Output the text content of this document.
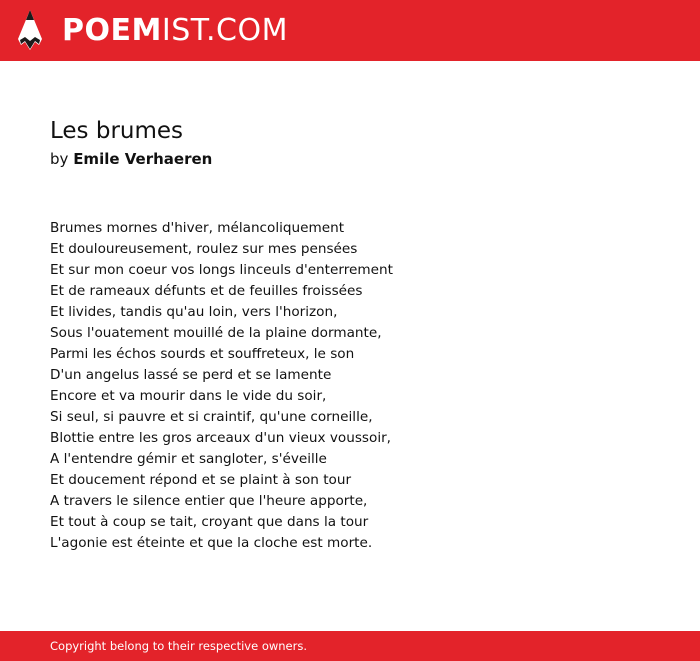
POEMIST.COM
Les brumes
by Emile Verhaeren
Brumes mornes d'hiver, mélancoliquement
Et douloureusement, roulez sur mes pensées
Et sur mon coeur vos longs linceuls d'enterrement
Et de rameaux défunts et de feuilles froissées
Et livides, tandis qu'au loin, vers l'horizon,
Sous l'ouatement mouillé de la plaine dormante,
Parmi les échos sourds et souffreteux, le son
D'un angelus lassé se perd et se lamente
Encore et va mourir dans le vide du soir,
Si seul, si pauvre et si craintif, qu'une corneille,
Blottie entre les gros arceaux d'un vieux voussoir,
A l'entendre gémir et sangloter, s'éveille
Et doucement répond et se plaint à son tour
A travers le silence entier que l'heure apporte,
Et tout à coup se tait, croyant que dans la tour
L'agonie est éteinte et que la cloche est morte.
Copyright belong to their respective owners.
